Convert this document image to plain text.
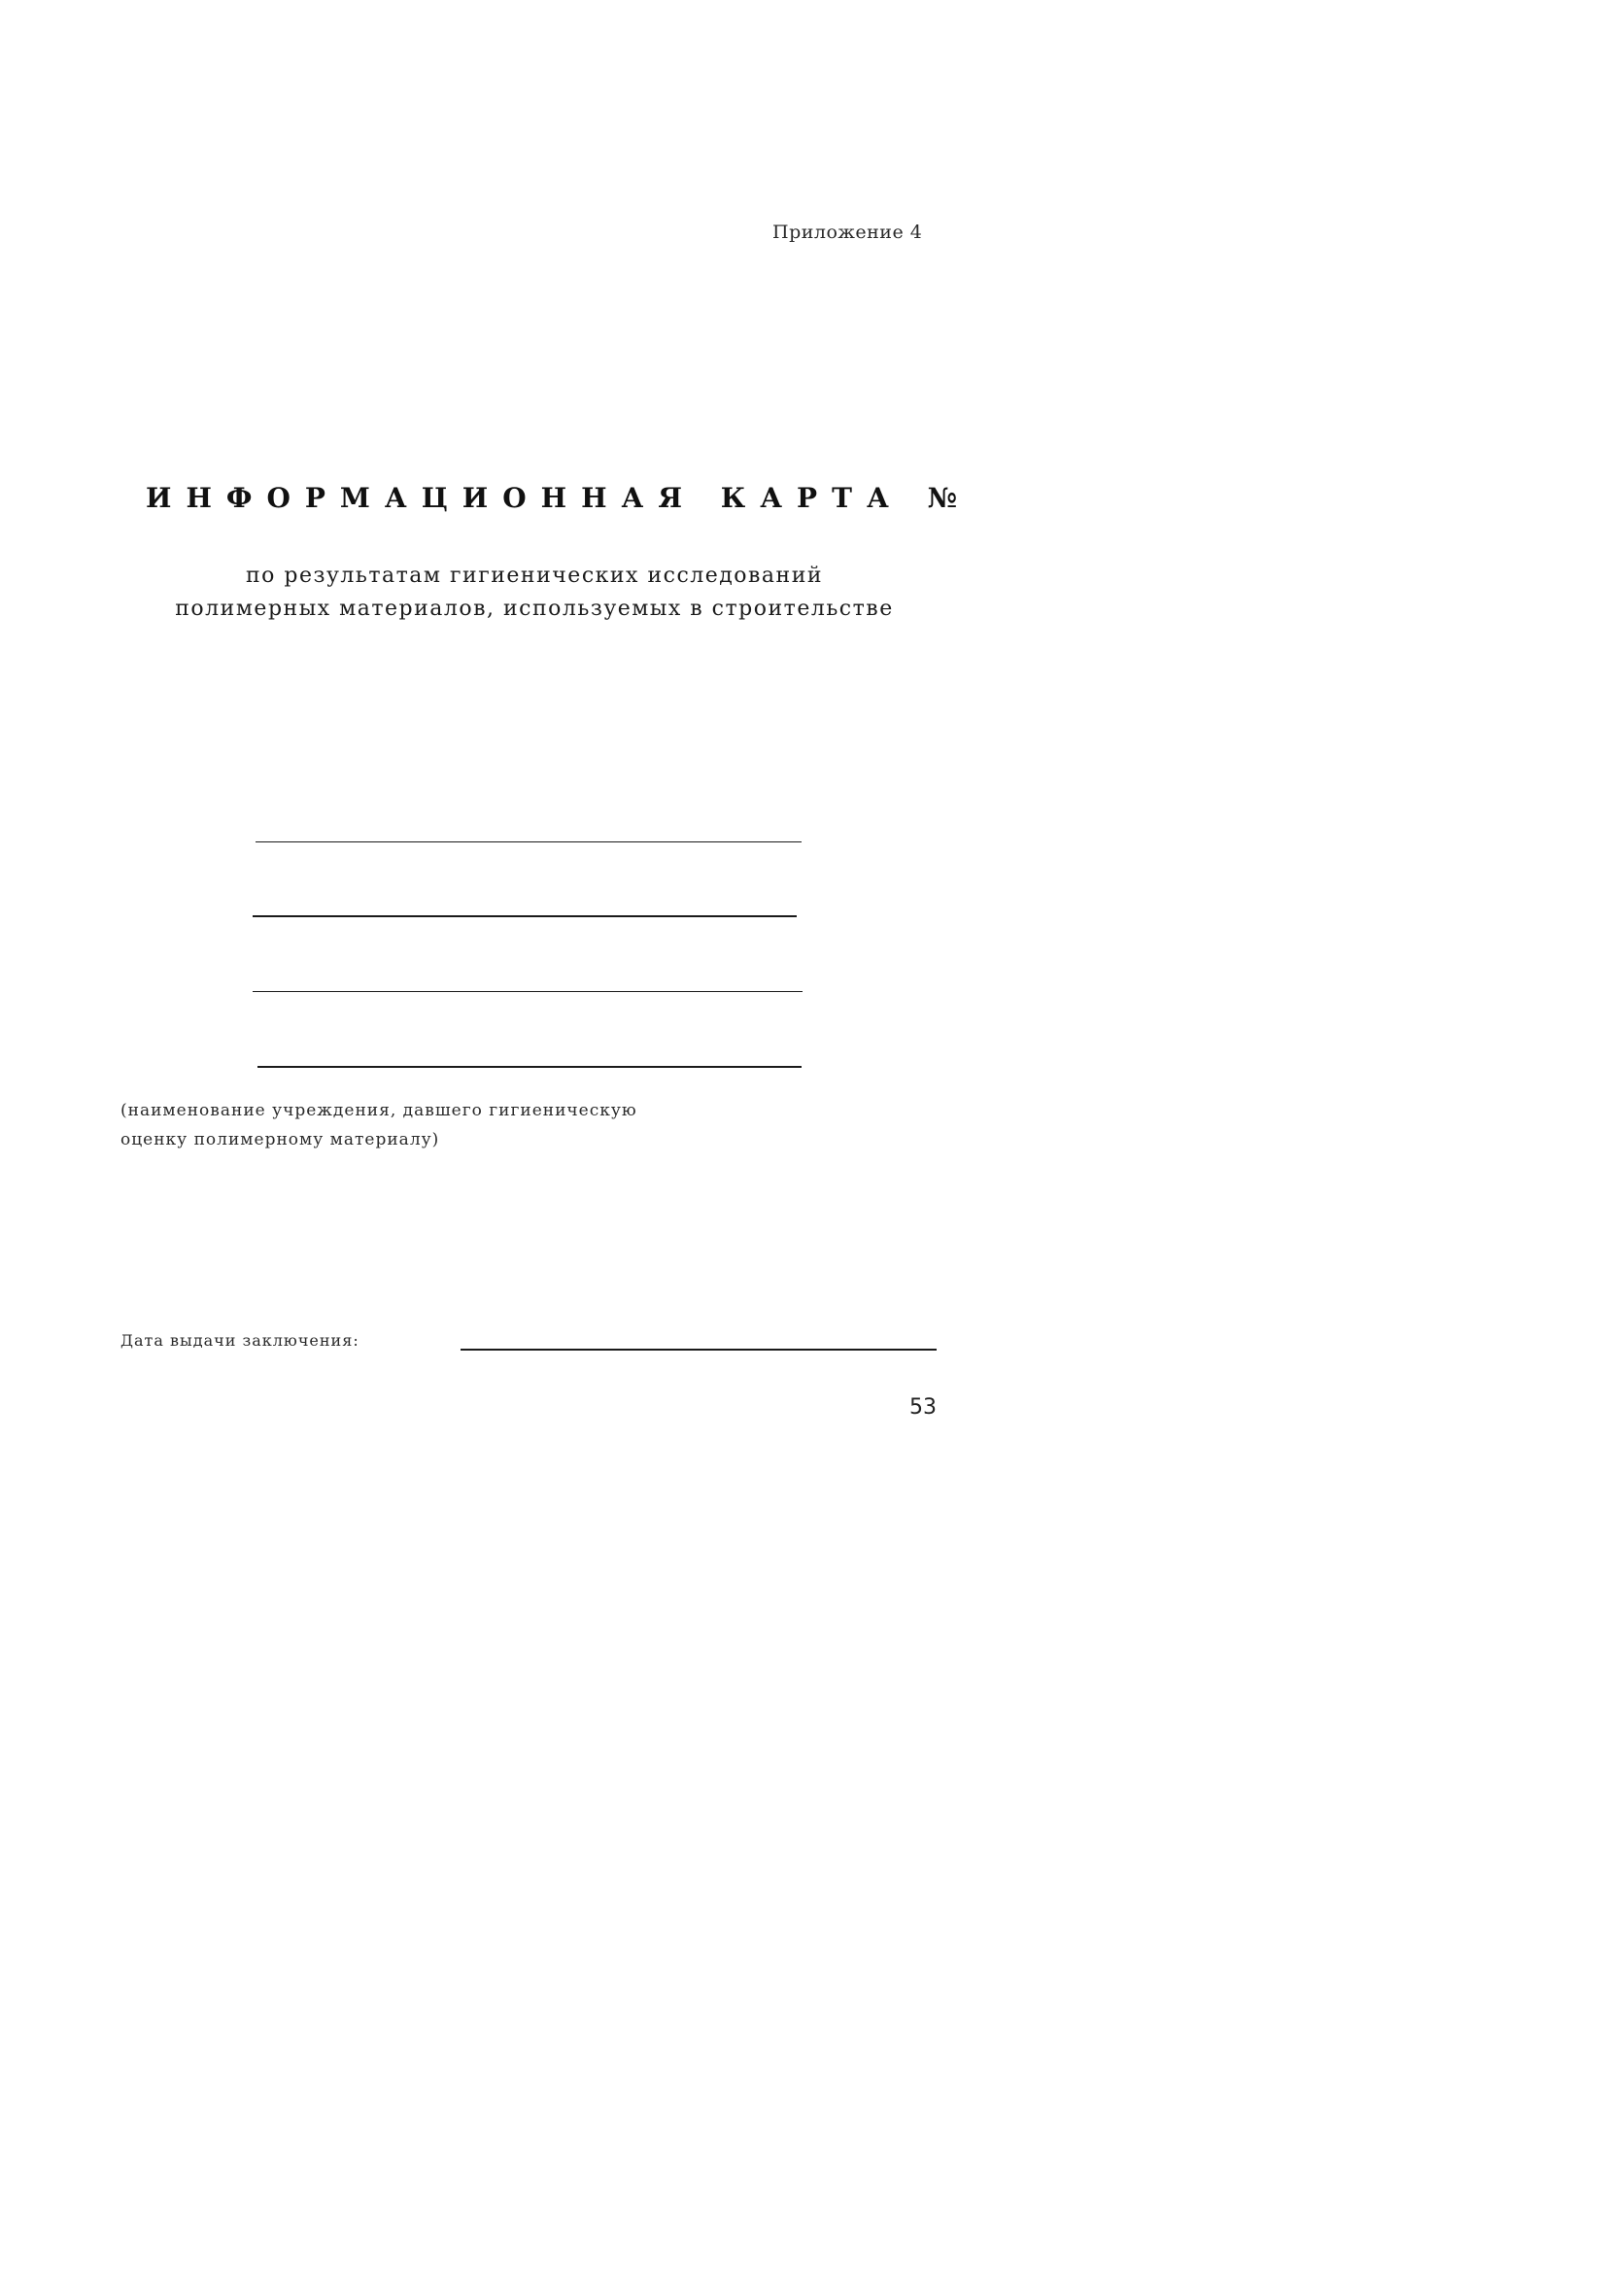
Приложение 4
ИНФОРМАЦИОННАЯ КАРТА №
по результатам гигиенических исследований
полимерных материалов, используемых в строительстве
(наименование учреждения, давшего гигиеническую
оценку полимерному материалу)
Дата выдачи заключения:
53
